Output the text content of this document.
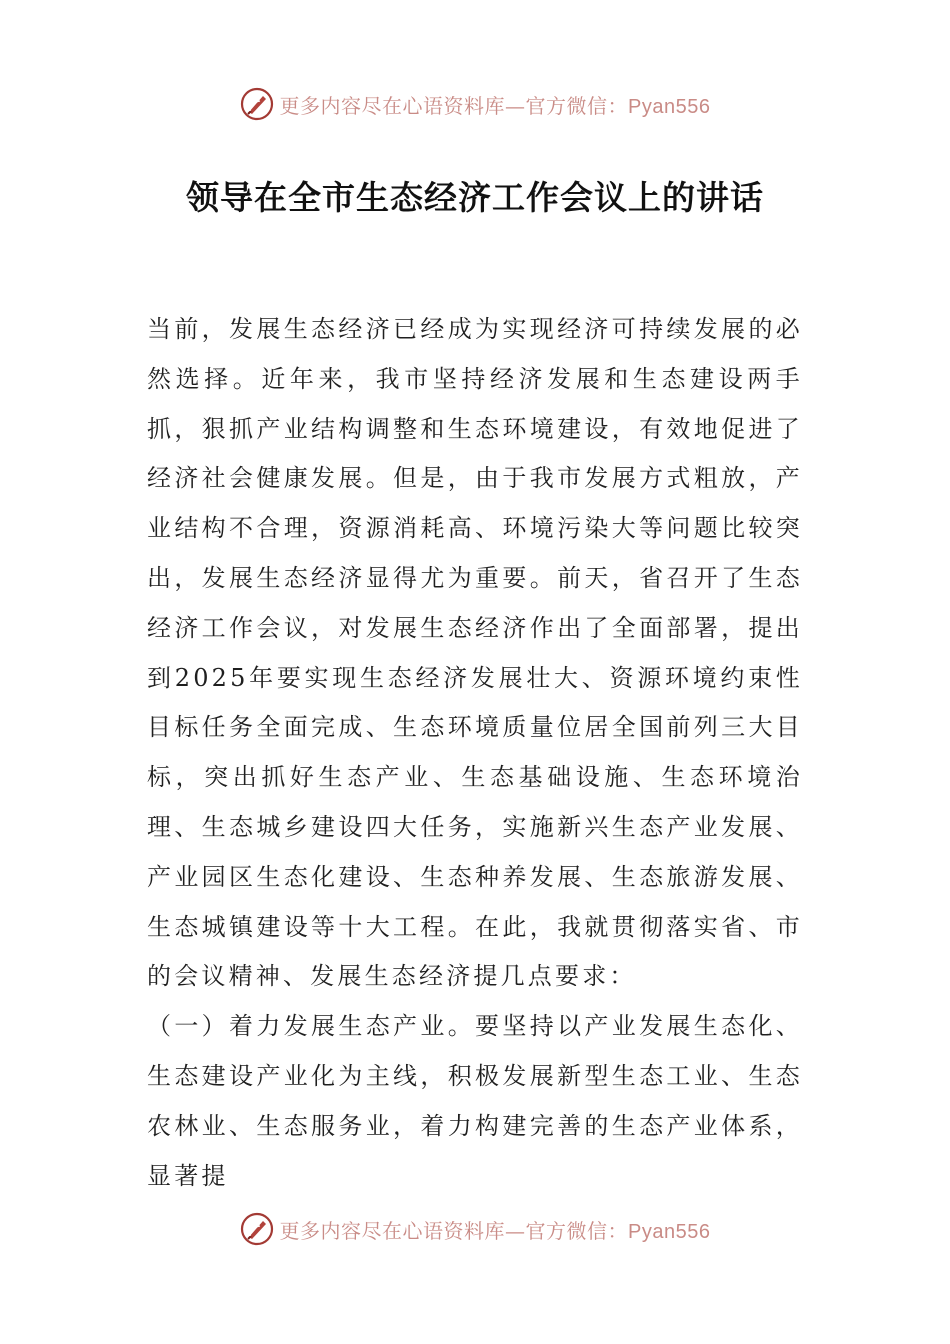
更多内容尽在心语资料库—官方微信：Pyan556
领导在全市生态经济工作会议上的讲话

当前，发展生态经济已经成为实现经济可持续发展的必然选择。近年来，我市坚持经济发展和生态建设两手抓，狠抓产业结构调整和生态环境建设，有效地促进了经济社会健康发展。但是，由于我市发展方式粗放，产业结构不合理，资源消耗高、环境污染大等问题比较突出，发展生态经济显得尤为重要。前天，省召开了生态经济工作会议，对发展生态经济作出了全面部署，提出到2025年要实现生态经济发展壮大、资源环境约束性目标任务全面完成、生态环境质量位居全国前列三大目标，突出抓好生态产业、生态基础设施、生态环境治理、生态城乡建设四大任务，实施新兴生态产业发展、产业园区生态化建设、生态种养发展、生态旅游发展、生态城镇建设等十大工程。在此，我就贯彻落实省、市的会议精神、发展生态经济提几点要求：

（一）着力发展生态产业。要坚持以产业发展生态化、生态建设产业化为主线，积极发展新型生态工业、生态农林业、生态服务业，着力构建完善的生态产业体系，显著提

更多内容尽在心语资料库—官方微信：Pyan556
